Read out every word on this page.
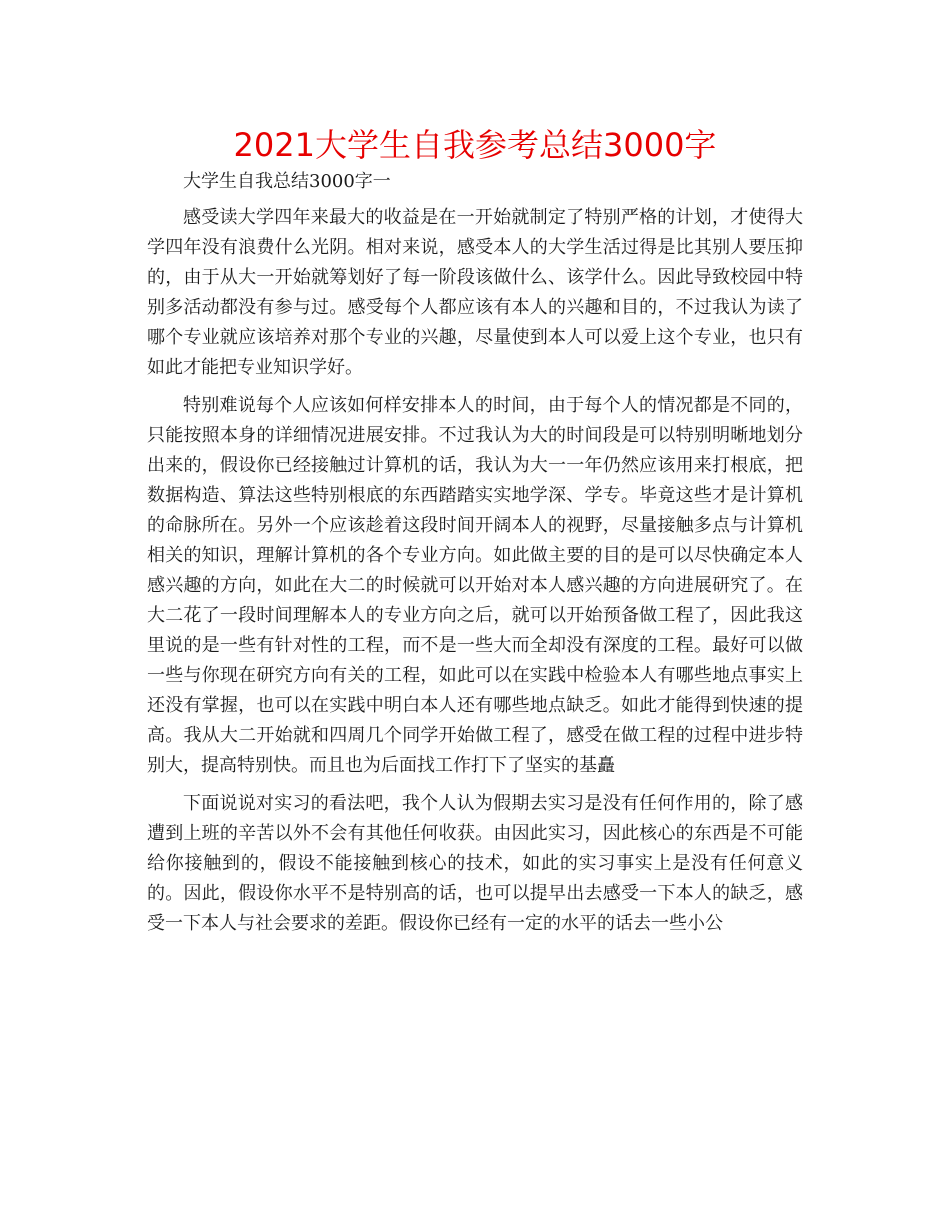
2021大学生自我参考总结3000字

大学生自我总结3000字一

感受读大学四年来最大的收益是在一开始就制定了特别严格的计划，才使得大学四年没有浪费什么光阴。相对来说，感受本人的大学生活过得是比其别人要压抑的，由于从大一开始就筹划好了每一阶段该做什么、该学什么。因此导致校园中特别多活动都没有参与过。感受每个人都应该有本人的兴趣和目的，不过我认为读了哪个专业就应该培养对那个专业的兴趣，尽量使到本人可以爱上这个专业，也只有如此才能把专业知识学好。

特别难说每个人应该如何样安排本人的时间，由于每个人的情况都是不同的，只能按照本身的详细情况进展安排。不过我认为大的时间段是可以特别明晰地划分出来的，假设你已经接触过计算机的话，我认为大一一年仍然应该用来打根底，把数据构造、算法这些特别根底的东西踏踏实实地学深、学专。毕竟这些才是计算机的命脉所在。另外一个应该趁着这段时间开阔本人的视野，尽量接触多点与计算机相关的知识，理解计算机的各个专业方向。如此做主要的目的是可以尽快确定本人感兴趣的方向，如此在大二的时候就可以开始对本人感兴趣的方向进展研究了。在大二花了一段时间理解本人的专业方向之后，就可以开始预备做工程了，因此我这里说的是一些有针对性的工程，而不是一些大而全却没有深度的工程。最好可以做一些与你现在研究方向有关的工程，如此可以在实践中检验本人有哪些地点事实上还没有掌握，也可以在实践中明白本人还有哪些地点缺乏。如此才能得到快速的提高。我从大二开始就和四周几个同学开始做工程了，感受在做工程的过程中进步特别大，提高特别快。而且也为后面找工作打下了坚实的基矗

下面说说对实习的看法吧，我个人认为假期去实习是没有任何作用的，除了感遭到上班的辛苦以外不会有其他任何收获。由因此实习，因此核心的东西是不可能给你接触到的，假设不能接触到核心的技术，如此的实习事实上是没有任何意义的。因此，假设你水平不是特别高的话，也可以提早出去感受一下本人的缺乏，感受一下本人与社会要求的差距。假设你已经有一定的水平的话去一些小公
